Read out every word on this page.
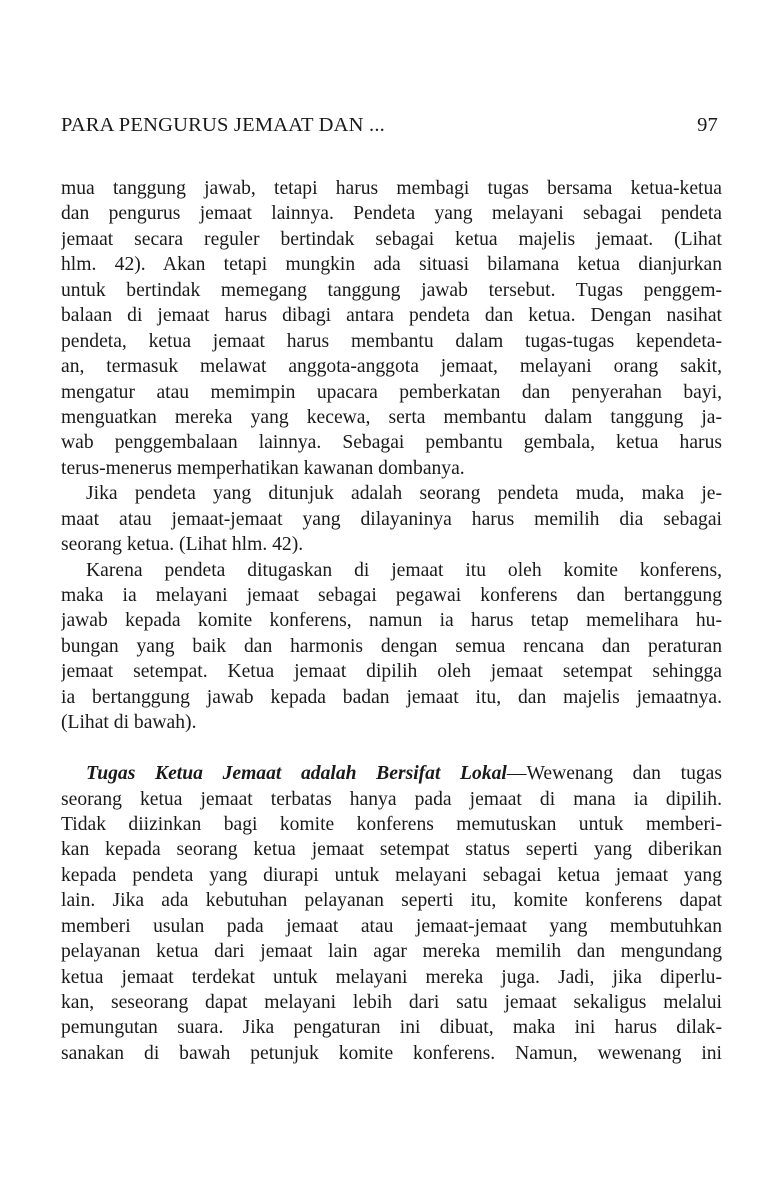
PARA PENGURUS JEMAAT DAN ...	97
mua tanggung jawab, tetapi harus membagi tugas bersama ketua-ketua
dan pengurus jemaat lainnya. Pendeta yang melayani sebagai pendeta
jemaat secara reguler bertindak sebagai ketua majelis jemaat. (Lihat
hlm. 42). Akan tetapi mungkin ada situasi bilamana ketua dianjurkan
untuk bertindak memegang tanggung jawab tersebut. Tugas penggem-
balaan di jemaat harus dibagi antara pendeta dan ketua. Dengan nasihat
pendeta, ketua jemaat harus membantu dalam tugas-tugas kependeta-
an, termasuk melawat anggota-anggota jemaat, melayani orang sakit,
mengatur atau memimpin upacara pemberkatan dan penyerahan bayi,
menguatkan mereka yang kecewa, serta membantu dalam tanggung ja-
wab penggembalaan lainnya. Sebagai pembantu gembala, ketua harus
terus-menerus memperhatikan kawanan dombanya.
Jika pendeta yang ditunjuk adalah seorang pendeta muda, maka je-
maat atau jemaat-jemaat yang dilayaninya harus memilih dia sebagai
seorang ketua. (Lihat hlm. 42).
Karena pendeta ditugaskan di jemaat itu oleh komite konferens,
maka ia melayani jemaat sebagai pegawai konferens dan bertanggung
jawab kepada komite konferens, namun ia harus tetap memelihara hu-
bungan yang baik dan harmonis dengan semua rencana dan peraturan
jemaat setempat. Ketua jemaat dipilih oleh jemaat setempat sehingga
ia bertanggung jawab kepada badan jemaat itu, dan majelis jemaatnya.
(Lihat di bawah).
Tugas Ketua Jemaat adalah Bersifat Lokal—Wewenang dan tugas
seorang ketua jemaat terbatas hanya pada jemaat di mana ia dipilih.
Tidak diizinkan bagi komite konferens memutuskan untuk memberi-
kan kepada seorang ketua jemaat setempat status seperti yang diberikan
kepada pendeta yang diurapi untuk melayani sebagai ketua jemaat yang
lain. Jika ada kebutuhan pelayanan seperti itu, komite konferens dapat
memberi usulan pada jemaat atau jemaat-jemaat yang membutuhkan
pelayanan ketua dari jemaat lain agar mereka memilih dan mengundang
ketua jemaat terdekat untuk melayani mereka juga. Jadi, jika diperlu-
kan, seseorang dapat melayani lebih dari satu jemaat sekaligus melalui
pemungutan suara. Jika pengaturan ini dibuat, maka ini harus dilak-
sanakan di bawah petunjuk komite konferens. Namun, wewenang ini
